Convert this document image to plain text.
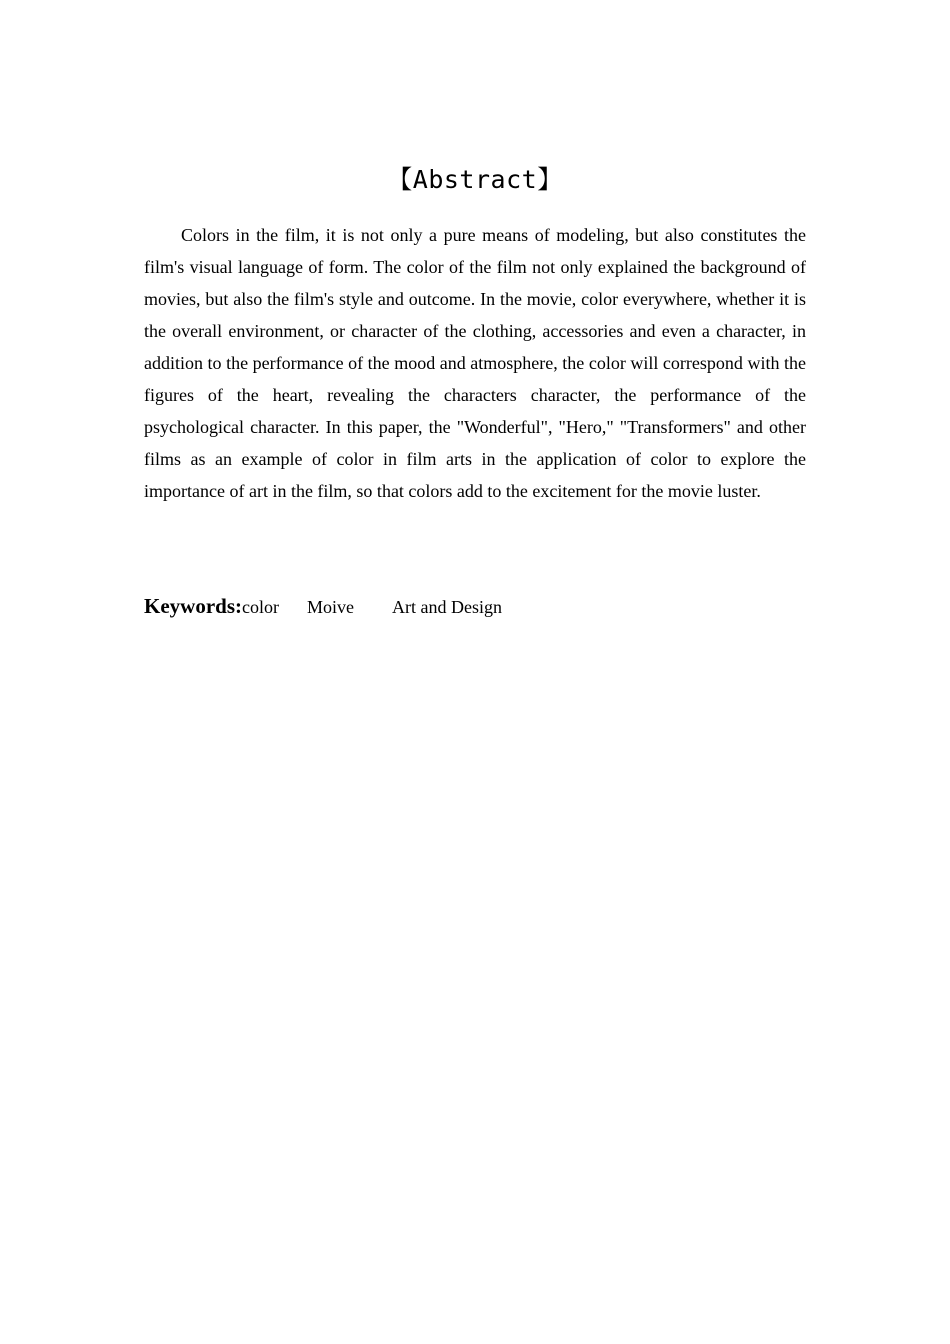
【Abstract】

Colors in the film, it is not only a pure means of modeling, but also constitutes the film's visual language of form. The color of the film not only explained the background of movies, but also the film's style and outcome. In the movie, color everywhere, whether it is the overall environment, or character of the clothing, accessories and even a character, in addition to the performance of the mood and atmosphere, the color will correspond with the figures of the heart, revealing the characters character, the performance of the psychological character. In this paper, the "Wonderful", "Hero," "Transformers" and other films as an example of color in film arts in the application of color to explore the importance of art in the film, so that colors add to the excitement for the movie luster.

Keywords:color Moive Art and Design
